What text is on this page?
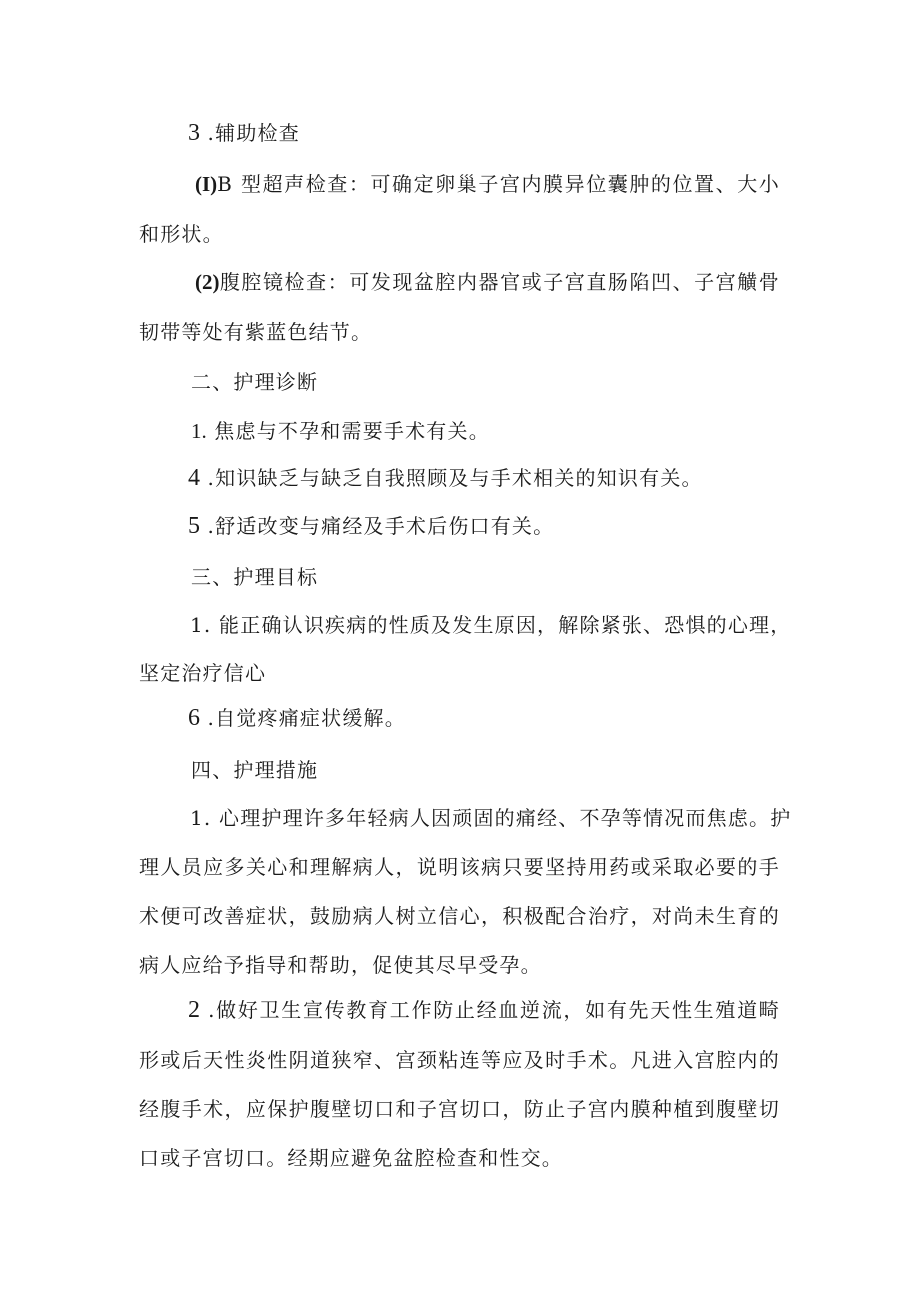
3 .辅助检查
(I)B 型超声检查：可确定卵巢子宫内膜异位囊肿的位置、大小
和形状。
(2)腹腔镜检查：可发现盆腔内器官或子宫直肠陷凹、子宫觵骨
韧带等处有紫蓝色结节。
二、护理诊断
1. 焦虑与不孕和需要手术有关。
4 .知识缺乏与缺乏自我照顾及与手术相关的知识有关。
5 .舒适改变与痛经及手术后伤口有关。
三、护理目标
1. 能正确认识疾病的性质及发生原因，解除紧张、恐惧的心理，
坚定治疗信心
6 .自觉疼痛症状缓解。
四、护理措施
1. 心理护理许多年轻病人因顽固的痛经、不孕等情况而焦虑。护
理人员应多关心和理解病人，说明该病只要坚持用药或采取必要的手
术便可改善症状，鼓励病人树立信心，积极配合治疗，对尚未生育的
病人应给予指导和帮助，促使其尽早受孕。
2 .做好卫生宣传教育工作防止经血逆流，如有先天性生殖道畸
形或后天性炎性阴道狭窄、宫颈粘连等应及时手术。凡进入宫腔内的
经腹手术，应保护腹壁切口和子宫切口，防止子宫内膜种植到腹壁切
口或子宫切口。经期应避免盆腔检查和性交。
